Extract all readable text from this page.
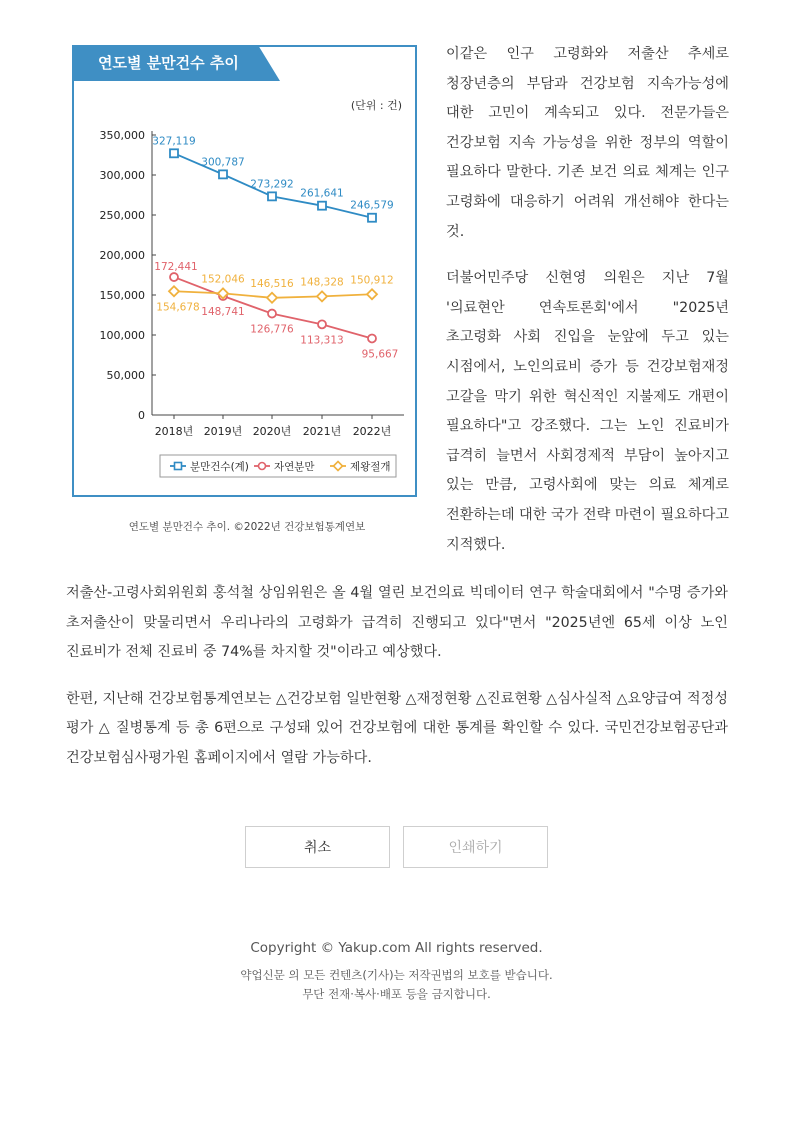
(단위 : 건)
0
50,000
100,000
150,000
200,000
250,000
300,000
350,000
2018년 2019년 2020년 2021년 2022년
327,119
300,787
273,292
261,641
246,579
172,441
148,741
126,776
113,313
95,667
154,678
152,046 146,516 148,328 150,912
분만건수(계) 자연분만	제왕절개
연도별 분만건수 추이
연도별 분만건수 추이. ©2022년 건강보험통계연보

이같은 인구 고령화와 저출산 추세로 청장년층의 부담과 건강보험 지속가능성에 대한 고민이 계속되고 있다. 전문가들은 건강보험 지속 가능성을 위한 정부의 역할이 필요하다 말한다. 기존 보건 의료 체계는 인구 고령화에 대응하기 어려워 개선해야 한다는 것.

더불어민주당 신현영 의원은 지난 7월 '의료현안 연속토론회'에서 "2025년 초고령화 사회 진입을 눈앞에 두고 있는 시점에서, 노인의료비 증가 등 건강보험재정 고갈을 막기 위한 혁신적인 지불제도 개편이 필요하다"고 강조했다. 그는 노인 진료비가 급격히 늘면서 사회경제적 부담이 높아지고 있는 만큼, 고령사회에 맞는 의료 체계로 전환하는데 대한 국가 전략 마련이 필요하다고 지적했다.

저출산-고령사회위원회 홍석철 상임위원은 올 4월 열린 보건의료 빅데이터 연구 학술대회에서 "수명 증가와 초저출산이 맞물리면서 우리나라의 고령화가 급격히 진행되고 있다"면서 "2025년엔 65세 이상 노인 진료비가 전체 진료비 중 74%를 차지할 것"이라고 예상했다.

한편, 지난해 건강보험통계연보는 △건강보험 일반현황 △재정현황 △진료현황 △심사실적 △요양급여 적정성 평가 △ 질병통계 등 총 6편으로 구성돼 있어 건강보험에 대한 통계를 확인할 수 있다. 국민건강보험공단과 건강보험심사평가원 홈페이지에서 열람 가능하다.

취소	인쇄하기
Copyright © Yakup.com All rights reserved.
약업신문 의 모든 컨텐츠(기사)는 저작권법의 보호를 받습니다.
무단 전재·복사·배포 등을 금지합니다.
